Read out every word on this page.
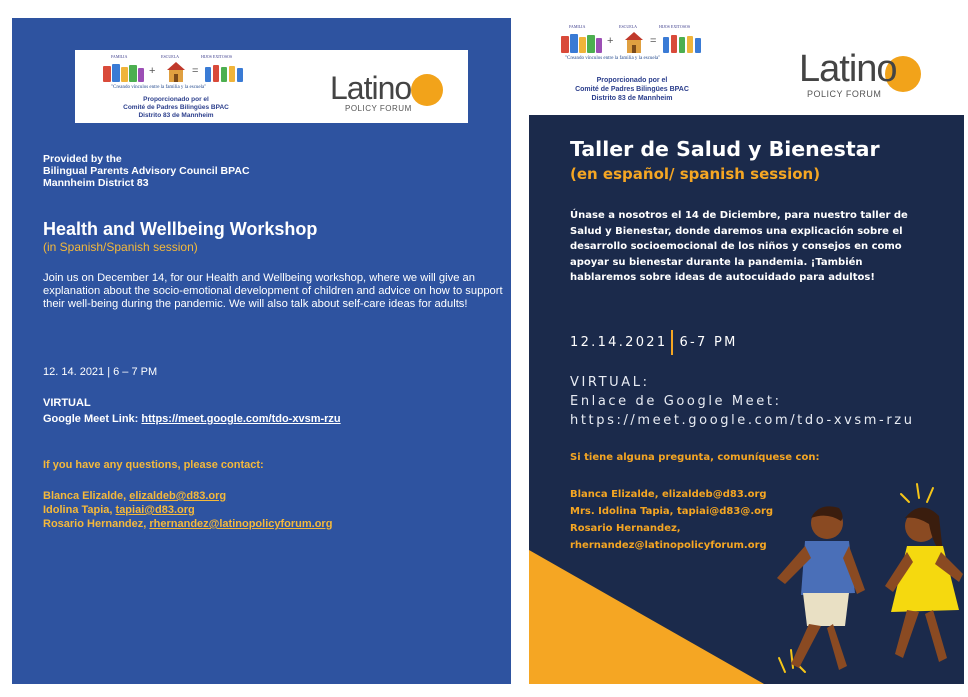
FAMILIA	ESCUELA	HIJOS EXITOSOS
+	=
"Creando vínculos entre la familia y la escuela"
Proporcionado por el
Comité de Padres Bilingües BPAC
Distrito 83 de Mannheim
Latino
POLICY FORUM
Provided by the
Bilingual Parents Advisory Council BPAC
Mannheim District 83
Health and Wellbeing Workshop
(in Spanish/Spanish session)
Join us on December 14, for our Health and Wellbeing workshop, where we will give an explanation about the socio-emotional development of children and advice on how to support their well-being during the pandemic. We will also talk about self-care ideas for adults!
12. 14. 2021 | 6 – 7 PM
VIRTUAL
Google Meet Link: https://meet.google.com/tdo-xvsm-rzu
If you have any questions, please contact:
Blanca Elizalde, elizaldeb@d83.org
Idolina Tapia, tapiai@d83.org
Rosario Hernandez, rhernandez@latinopolicyforum.org
FAMILIA	ESCUELA	HIJOS EXITOSOS
+	=
"Creando vínculos entre la familia y la escuela"
Proporcionado por el
Comité de Padres Bilingües BPAC
Distrito 83 de Mannheim
Latino
POLICY FORUM
Taller de Salud y Bienestar
(en español/ spanish session)
Únase a nosotros el 14 de Diciembre, para nuestro taller de Salud y Bienestar, donde daremos una explicación sobre el desarrollo socioemocional de los niños y consejos en como apoyar su bienestar durante la pandemia. ¡También hablaremos sobre ideas de autocuidado para adultos!
12.14.2021 6-7 PM
VIRTUAL:
Enlace de Google Meet:
https://meet.google.com/tdo-xvsm-rzu
Si tiene alguna pregunta, comuníquese con:
Blanca Elizalde, elizaldeb@d83.org
Mrs. Idolina Tapia, tapiai@d83@.org
Rosario Hernandez,
rhernandez@latinopolicyforum.org
